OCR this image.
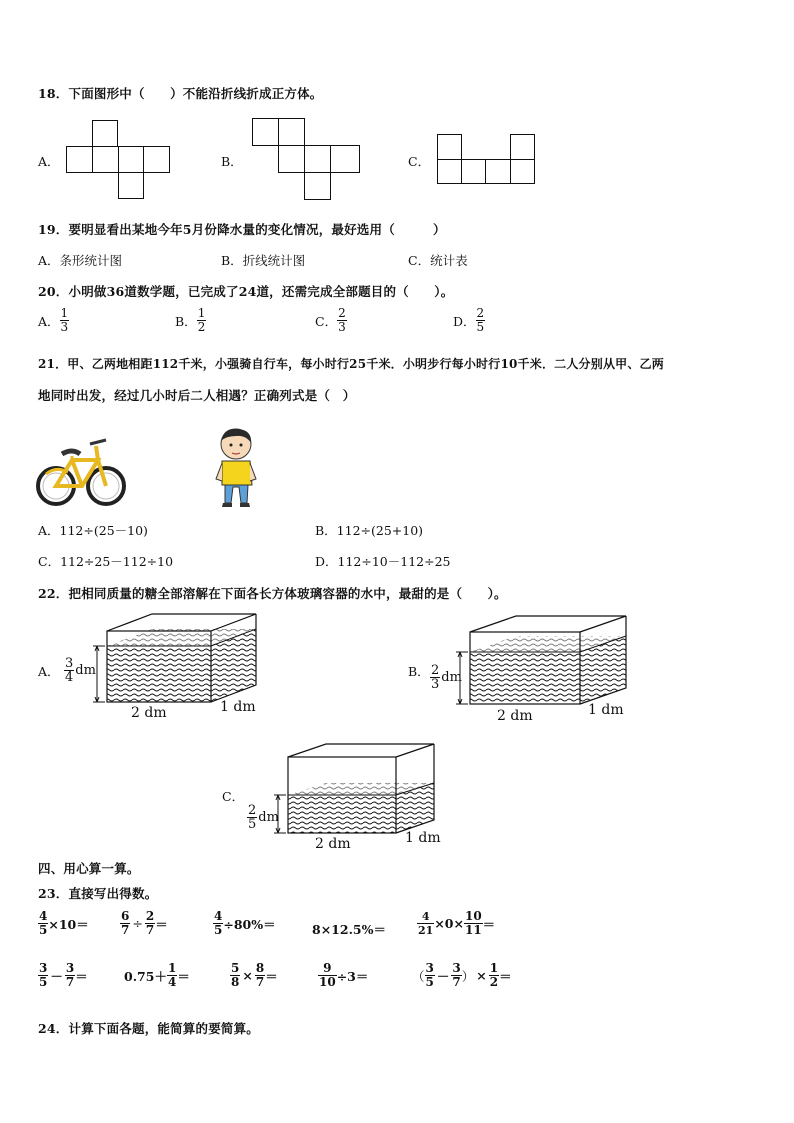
18．下面图形中（　　）不能沿折线折成正方体。
A．	B．	C．
19．要明显看出某地今年5月份降水量的变化情况，最好选用（　　　）
A．条形统计图	B．折线统计图	C．统计表
20．小明做36道数学题，已完成了24道，还需完成全部题目的（　　）。
A． $\frac{1}{3}$	B． $\frac{1}{2}$	C． $\frac{2}{3}$	D． $\frac{2}{5}$
21．甲、乙两地相距112千米，小强骑自行车，每小时行25千米．小明步行每小时行10千米．二人分别从甲、乙两
地同时出发，经过几小时后二人相遇？正确列式是（　）
A．112÷(25－10)	B．112÷(25+10)
C．112÷25－112÷10	D．112÷10－112÷25
22．把相同质量的糖全部溶解在下面各长方体玻璃容器的水中，最甜的是（　　）。
A． $\frac{3}{4}$ dm
2 dm	1 dm
B． $\frac{2}{3}$ dm
2 dm	1 dm
C．
$\frac{2}{5}$ dm
2 dm	1 dm
四、用心算一算。
23．直接写出得数。
$\frac{4}{5} \times 10=$	$\frac{6}{7} \div \frac{2}{7}$ ＝	$\frac{4}{5} \div 80\%=$	8×12.5%＝	$\frac{4}{21} \times 0\times \frac{10}{11}$ ＝
$\frac{3}{5} - \frac{3}{7}$ ＝	$0.75+ \frac{1}{4}$ ＝	$\frac{5}{8} \times \frac{8}{7}$ ＝	$\frac{9}{10} \div 3=$	（ $\frac{3}{5} - \frac{3}{7}$ ） × $\frac{1}{2}$ ＝
24．计算下面各题，能简算的要简算。
